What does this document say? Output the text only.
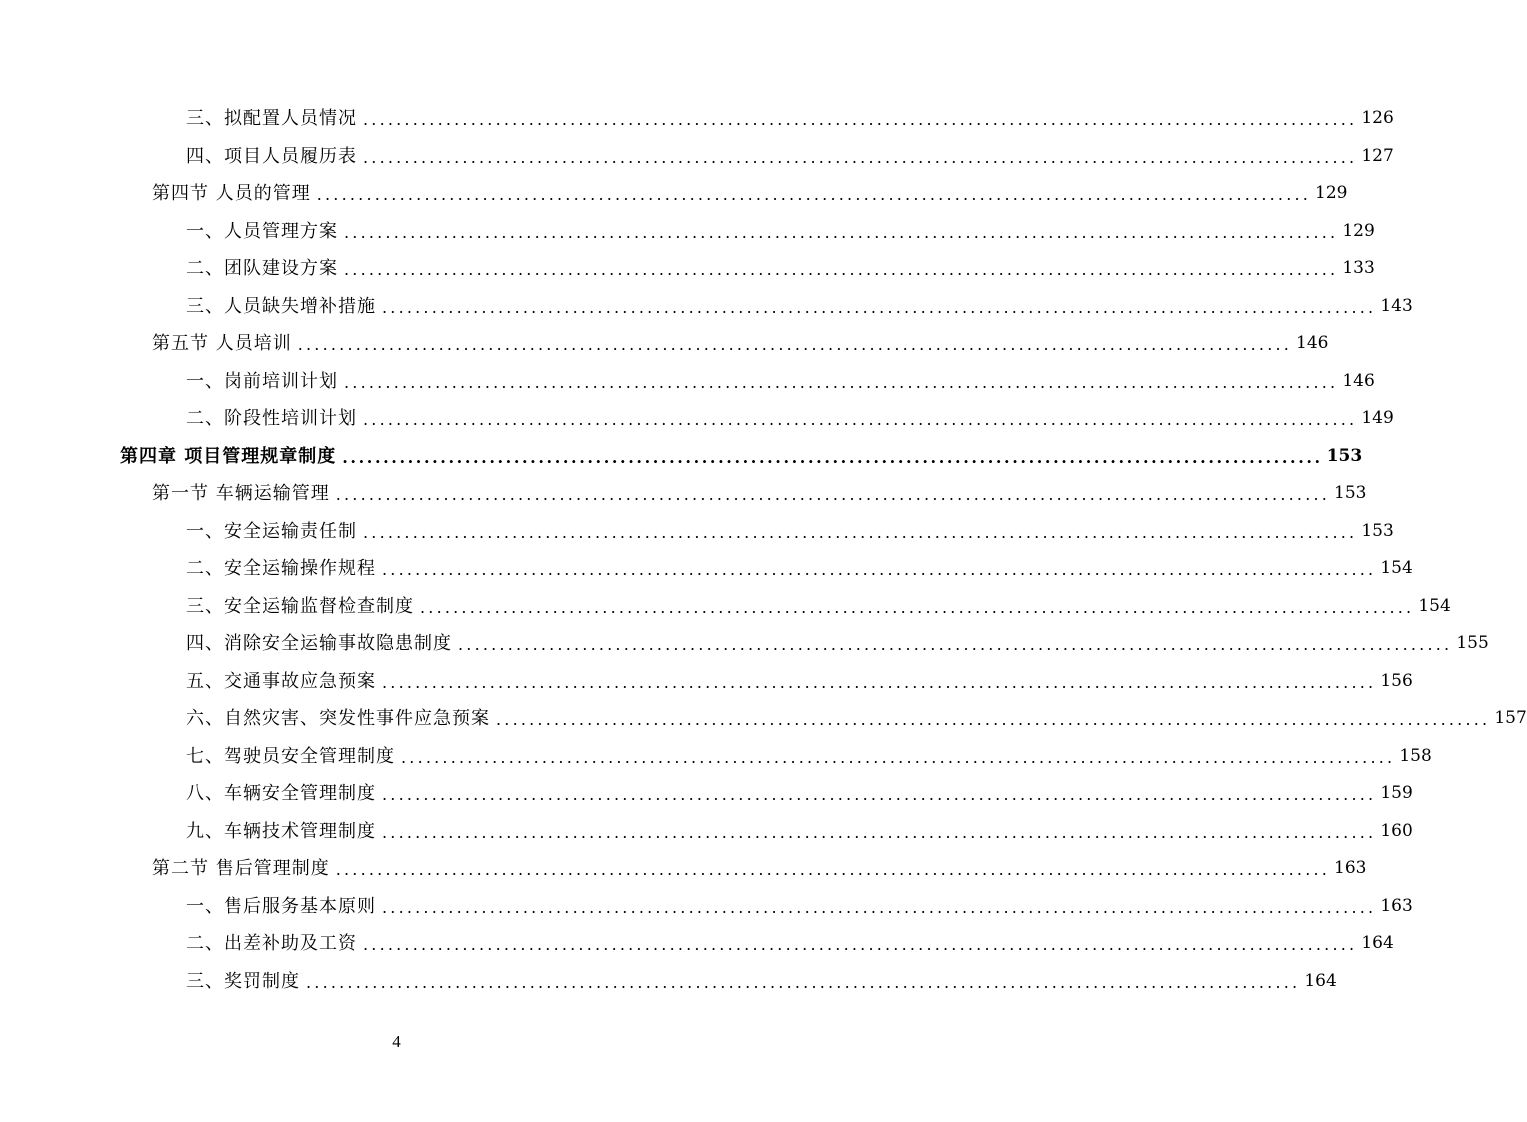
三、拟配置人员情况 ........................................................................................................................ 126
四、项目人员履历表 ........................................................................................................................ 127
第四节 人员的管理 ........................................................................................................................ 129
一、人员管理方案 ........................................................................................................................ 129
二、团队建设方案 ........................................................................................................................ 133
三、人员缺失增补措施 ........................................................................................................................ 143
第五节 人员培训 ........................................................................................................................ 146
一、岗前培训计划 ........................................................................................................................ 146
二、阶段性培训计划 ........................................................................................................................ 149
第四章 项目管理规章制度 ........................................................................................................................ 153
第一节 车辆运输管理 ........................................................................................................................ 153
一、安全运输责任制 ........................................................................................................................ 153
二、安全运输操作规程 ........................................................................................................................ 154
三、安全运输监督检查制度 ........................................................................................................................ 154
四、消除安全运输事故隐患制度 ........................................................................................................................ 155
五、交通事故应急预案 ........................................................................................................................ 156
六、自然灾害、突发性事件应急预案 ........................................................................................................................ 157
七、驾驶员安全管理制度 ........................................................................................................................ 158
八、车辆安全管理制度 ........................................................................................................................ 159
九、车辆技术管理制度 ........................................................................................................................ 160
第二节 售后管理制度 ........................................................................................................................ 163
一、售后服务基本原则 ........................................................................................................................ 163
二、出差补助及工资 ........................................................................................................................ 164
三、奖罚制度 ........................................................................................................................ 164
4
